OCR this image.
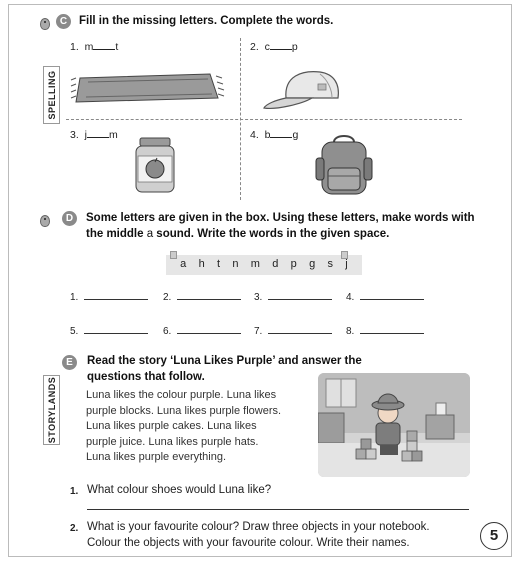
C	Fill in the missing letters. Complete the words.
SPELLING
1. m t	2. c p
3. j m	4. b g
D	Some letters are given in the box. Using these letters, make words with
the middle a sound. Write the words in the given space.
a h t n m d p g s j
1.	2.	3.	4.
5.	6.	7.	8.
E
STORYLANDS
Read the story ‘Luna Likes Purple’ and answer the
questions that follow.
Luna likes the colour purple. Luna likes
purple blocks. Luna likes purple flowers.
Luna likes purple cakes. Luna likes
purple juice. Luna likes purple hats.
Luna likes purple everything.
1. What colour shoes would Luna like?
2. What is your favourite colour? Draw three objects in your notebook.
Colour the objects with your favourite colour. Write their names.	5
